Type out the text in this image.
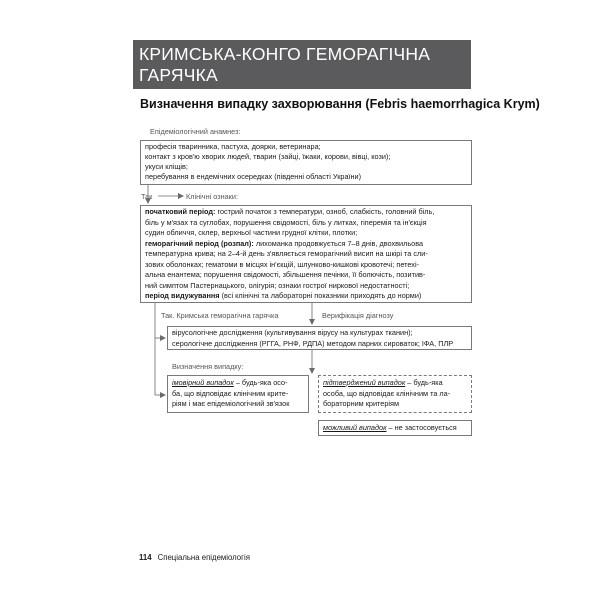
КРИМСЬКА-КОНГО ГЕМОРАГІЧНА
ГАРЯЧКА
Визначення випадку захворювання (Febris haemorrhagica Krym)
Епідеміологічний анамнез:
професія тваринника, пастуха, доярки, ветеринара;
контакт з кров'ю хворих людей, тварин (зайці, їжаки, корови, вівці, кози);
укуси кліщів;
перебування в ендемічних осередках (південні області України)
Так	Клінічні ознаки:
початковий період: гострий початок з температури, озноб, слабкість, головний біль,
біль у м'язах та суглобах, порушення свідомості, біль у литках, гіперемія та ін'єкція
судин обличчя, склер, верхньої частини грудної клітки, плотки;
геморагічний період (розпал): лихоманка продовжується 7–8 днів, двохвильова
температурна крива; на 2–4-й день з'являється геморагічний висип на шкірі та сли-
зових оболонках; гематоми в місцях ін'єкцій, шлунково-кишкові кровотечі; петехі-
альна енантема; порушення свідомості, збільшення печінки, її болючість, позитив-
ний симптом Пастернацького, олігурія; ознаки гострої ниркової недостатності;
період видужування (всі клінічні та лабораторні показники приходять до норми)
Так. Кримська геморагічна гарячка	Верифікація діагнозу
вірусологічне дослідження (культивування вірусу на культурах тканин);
серологічне дослідження (РГГА, РНФ, РДПА) методом парних сироваток; ІФА, ПЛР
Визначення випадку:
імовірний випадок – будь-яка осо-
ба, що відповідає клінічним крите-
ріям і має епідеміологічний зв'язок
підтверджений випадок – будь-яка
особа, що відповідає клінічним та ла-
бораторним критеріям
можливий випадок – не застосовується
114 Спеціальна епідеміологія
